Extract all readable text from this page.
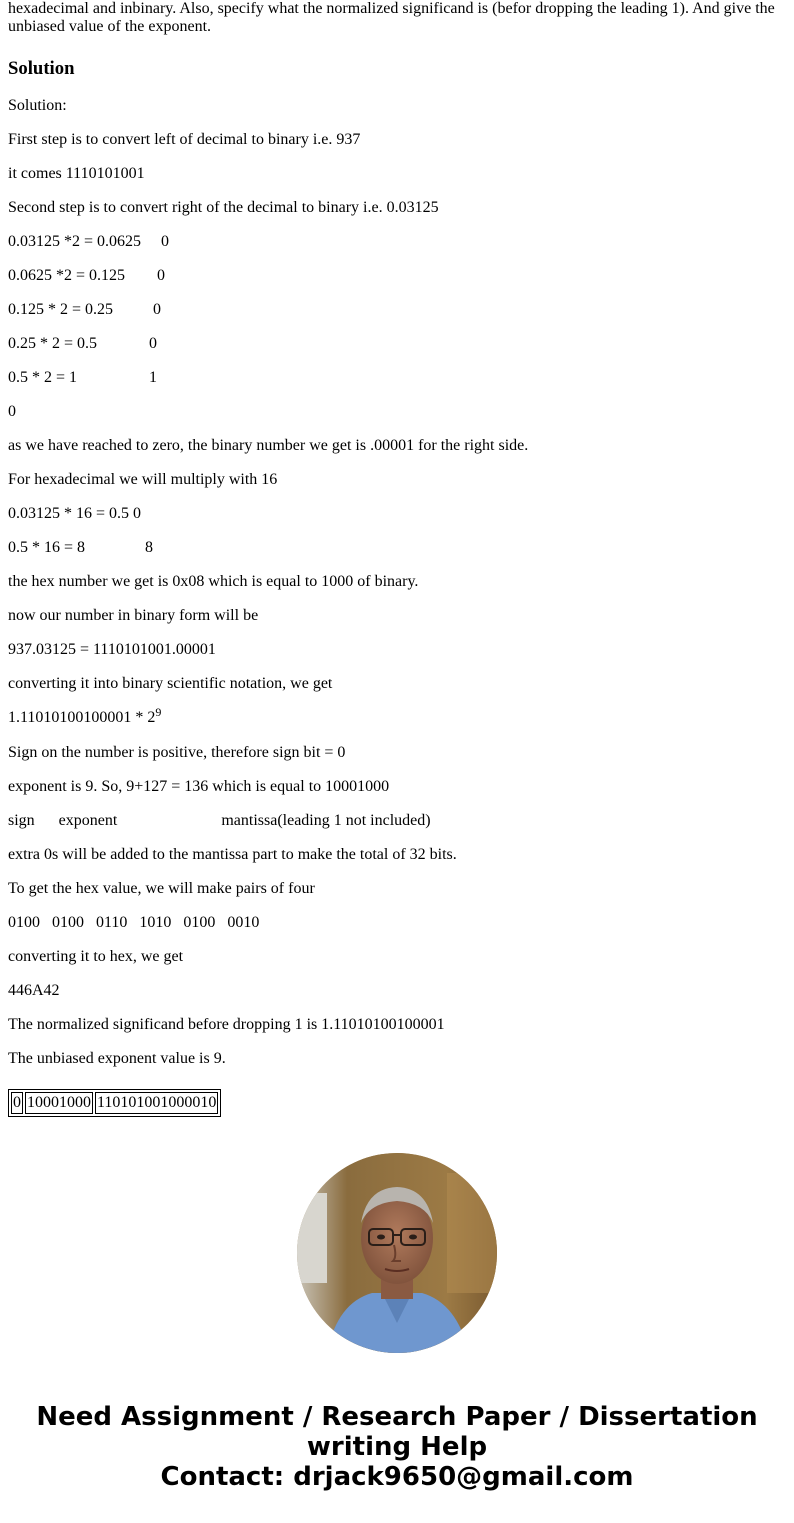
hexadecimal and inbinary. Also, specify what the normalized significand is (befor dropping the leading 1). And give the
unbiased value of the exponent.
Solution
Solution:
First step is to convert left of decimal to binary i.e. 937
it comes 1110101001
Second step is to convert right of the decimal to binary i.e. 0.03125
0.03125 *2 = 0.0625     0
0.0625 *2 = 0.125        0
0.125 * 2 = 0.25          0
0.25 * 2 = 0.5             0
0.5 * 2 = 1                  1
0
as we have reached to zero, the binary number we get is .00001 for the right side.
For hexadecimal we will multiply with 16
0.03125 * 16 = 0.5 0
0.5 * 16 = 8               8
the hex number we get is 0x08 which is equal to 1000 of binary.
now our number in binary form will be
937.03125 = 1110101001.00001
converting it into binary scientific notation, we get
$1.11010100100001 * 2^9$
Sign on the number is positive, therefore sign bit = 0
exponent is 9. So, 9+127 = 136 which is equal to 10001000
sign      exponent                          mantissa(leading 1 not included)
extra 0s will be added to the mantissa part to make the total of 32 bits.
To get the hex value, we will make pairs of four
0100   0100   0110   1010   0100   0010
converting it to hex, we get
446A42
The normalized significand before dropping 1 is 1.11010100100001
The unbiased exponent value is 9.
0	10001000	110101001000010
Need Assignment / Research Paper / Dissertation
writing Help
Contact: drjack9650@gmail.com
